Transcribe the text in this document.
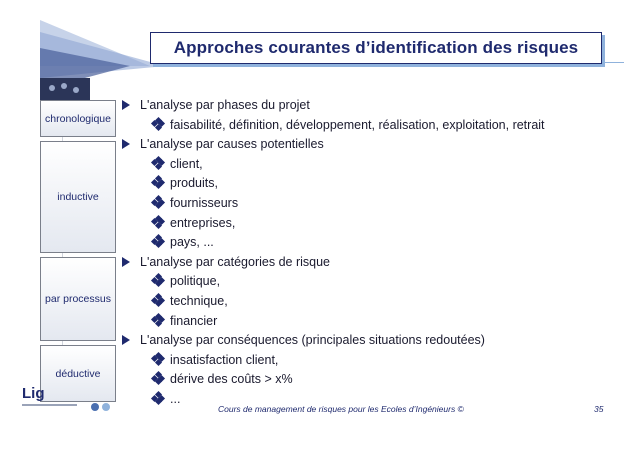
Approches courantes d’identification des risques
chronologique
inductive
par processus
déductive
L'analyse par phases du projet
faisabilité, définition, développement, réalisation, exploitation, retrait
L'analyse par causes potentielles
client,
produits,
fournisseurs
entreprises,
pays, ...
L'analyse par catégories de risque
politique,
technique,
financier
L'analyse par conséquences (principales situations redoutées)
insatisfaction client,
dérive des coûts > x%
...
Lig
Cours de management de risques pour les Ecoles d’Ingénieurs ©	35
